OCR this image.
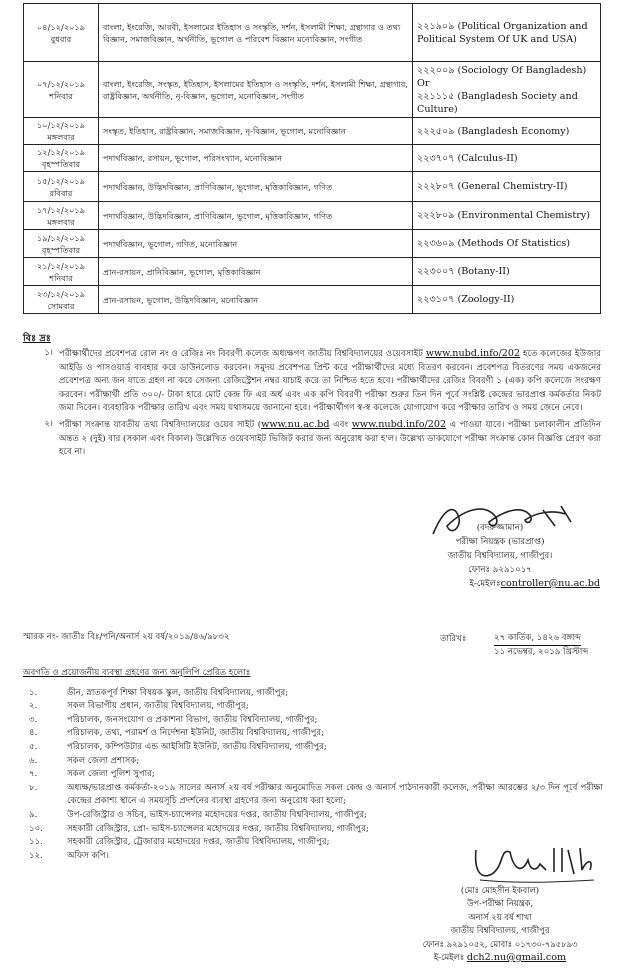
০৪/১২/২০১৯
বুধবার	বাংলা, ইংরেজি, আরবী, ইসলামের ইতিহাস ও সংস্কৃতি, দর্শন, ইসলামী শিক্ষা, গ্রন্থাগার ও তথ্য বিজ্ঞান, সমাজবিজ্ঞান, অর্থনীতি, ভূগোল ও পরিবেশ বিজ্ঞান মনোবিজ্ঞান, সংগীত	২২১৯০৯ (Political Organization and
Political System Of UK and USA)

০৭/১২/২০১৯
শনিবার	বাংলা, ইংরেজি, সংস্কৃত, ইতিহাস, ইসলামের ইতিহাস ও সংস্কৃতি, দর্শন, ইসলামী শিক্ষা, গ্রন্থাগার, রাষ্ট্রবিজ্ঞান, অর্থনীতি, নৃ-বিজ্ঞান, ভূগোল, মনোবিজ্ঞান, সংগীত	২২২০০৯ (Sociology Of Bangladesh)
Or
২২১১১৫ (Bangladesh Society and Culture)

১০/১২/২০১৯
মঙ্গলবার	সংস্কৃত, ইতিহাস, রাষ্ট্রবিজ্ঞান, সমাজবিজ্ঞান, নৃ-বিজ্ঞান, ভূগোল, মনোবিজ্ঞান	২২২৫০৯ (Bangladesh Economy)

১২/১২/২০১৯
বৃহস্পতিবার	পদার্থবিজ্ঞান, রসায়ন, ভূগোল, পরিসংখ্যান, মনোবিজ্ঞান	২২৩৭০৭ (Calculus-II)

১৫/১২/২০১৯
রবিবার	পদার্থবিজ্ঞান, উদ্ভিদবিজ্ঞান, প্রাণিবিজ্ঞান, ভূগোল, মৃত্তিকাবিজ্ঞান, গণিত	২২২৮০৭ (General Chemistry-II)

১৭/১২/২০১৯
মঙ্গলবার	পদার্থবিজ্ঞান, উদ্ভিদবিজ্ঞান, প্রাণিবিজ্ঞান, ভূগোল, মৃত্তিকাবিজ্ঞান, গণিত	২২২৮০৯ (Environmental Chemistry)

১৯/১২/২০১৯
বৃহস্পতিবার	পদার্থবিজ্ঞান, ভূগোল, গণিত, মনোবিজ্ঞান	২২৩৬০৯ (Methods Of Statistics)

২১/১২/২০১৯
শনিবার	প্রান-রসায়ন, প্রানিবিজ্ঞান, ভূগোল, মৃত্তিকাবিজ্ঞান	২২৩০০৭ (Botany-II)

২৩/১২/২০১৯
সোমবার	প্রান-রসায়ন, ভূগোল, উদ্ভিদবিজ্ঞান, মনোবিজ্ঞান	২২৩১০৭ (Zoology-II)
বিঃ দ্রঃ
১। পরীক্ষার্থীদের প্রবেশপত্র রোল নং ও রেজিঃ নং বিবরণী কলেজ অধ্যক্ষগণ জাতীয় বিশ্ববিদ্যালয়ের ওয়েবসাইট www.nubd.info/202 হতে কলেজের ইউজার আইডি ও পাসওয়ার্ড ব্যবহার করে ডাউনলোড করবেন। সমুদয় প্রবেশপত্র প্রিন্ট করে পরীক্ষার্থীদের মধ্যে বিতরণ করবেন। প্রবেশপত্র বিতরণের সময় একজনের প্রবেশপত্র অন্য জন যাতে গ্রহণ না করে সেজন্য রেজিস্ট্রেশন নম্বর যাচাই করে তা নিশ্চিত হতে হবে। পরীক্ষার্থীদের রেজিঃ বিবরণী ১ (এক) কপি কলেজে সংরক্ষণ করবেন। পরীক্ষার্থী প্রতি ৩০০/- টাকা হারে মোট কেন্দ্র ফি এর অর্ধ এবং এক কপি বিবরণী পরীক্ষা শুরুর তিন দিন পূর্বে সংশ্লিষ্ট কেন্দ্রের ভারপ্রাপ্ত কর্মকর্তার নিকট জমা দিবেন। ব্যবহারিক পরীক্ষার তারিখ এবং সময় যথাসময়ে জানানো হবে। পরীক্ষার্থীগণ স্ব-স্ব কলেজে যোগাযোগ করে পরীক্ষার তারিখ ও সময় জেনে নেবে।
২। পরীক্ষা সংক্রান্ত যাবতীয় তথ্য বিশ্ববিদ্যালয়ের ওয়েব সাইট (www.nu.ac.bd এবং www.nubd.info/202 এ পাওয়া যাবে। পরীক্ষা চলাকালীন প্রতিদিন অন্তত ২ (দুই) বার (সকাল এবং বিকাল) উল্লেখিত ওয়েবসাইট ভিজিট করার জন্য অনুরোধ করা হ'ল। উল্লেখ্য ডাকযোগে পরীক্ষা সংক্রান্ত কোন বিজ্ঞপ্তি প্রেরণ করা হবে না।
(বদরুজ্জামান)
পরীক্ষা নিয়ন্ত্রক (ভারপ্রাপ্ত)
জাতীয় বিশ্ববিদ্যালয়, গাজীপুর।
ফোনঃ ৯২৯১০১৭
ই-মেইলঃcontroller@nu.ac.bd
স্মারক নং- জাতীঃ বিঃ/পনি/অনার্স ২য় বর্ষ/২০১৯/৪৬/৯৮৩২	তারিখঃ	২৭ কার্তিক, ১৪২৬ বঙ্গাব্দ
১১ নভেম্বর, ২০১৯ খ্রিস্টাব্দ
অবগতি ও প্রয়োজনীয় ব্যবস্থা গ্রহণের জন্য অনুলিপি প্রেরিত হলোঃ
১.	ডীন, স্নাতকপূর্ব শিক্ষা বিষয়ক স্কুল, জাতীয় বিশ্ববিদ্যালয়, গাজীপুর;
২.	সকল বিভাগীয় প্রধান, জাতীয় বিশ্ববিদ্যালয়, গাজীপুর;
৩.	পরিচালক, জনসংযোগ ও প্রকাশনা বিভাগ, জাতীয় বিশ্ববিদ্যালয়, গাজীপুর;
৪.	পরিচালক, তথ্য, পরামর্শ ও নির্দেশনা ইউনিট, জাতীয় বিশ্ববিদ্যালয়, গাজীপুর;
৫.	পরিচালক, কম্পিউটার এন্ড আইসিটি ইউনিট, জাতীয় বিশ্ববিদ্যালয়, গাজীপুর;
৬.	সকল জেলা প্রশাসক;
৭.	সকল জেলা পুলিশ সুপার;
৮.	অধ্যক্ষ/ভারপ্রাপ্ত কর্মকর্তা-২০১৯ সালের অনার্স ২য় বর্ষ পরীক্ষার অনুমোদিত সকল কেন্দ্র ও অনার্স পাঠদানকারী কলেজ, পরীক্ষা আরম্ভের ২/৩ দিন পূর্বে পরীক্ষা কেন্দ্রের প্রকাশ্য স্থানে এ সময়সূচি প্রদর্শনের ব্যবস্থা গ্রহণের জন্য অনুরোধ করা হলো;
৯.	উপ-রেজিস্ট্রার ও সচিব, ভাইস-চ্যান্সেলর মহোদয়ের দপ্তর, জাতীয় বিশ্ববিদ্যালয়, গাজীপুর;
১০.	সহকারী রেজিস্ট্রার, প্রো- ভাইস-চ্যান্সেলর মহোদয়ের দপ্তর, জাতীয় বিশ্ববিদ্যালয়, গাজীপুর;
১১.	সহকারী রেজিস্ট্রার, ট্রেজারার মহোদয়ের দপ্তর, জাতীয় বিশ্ববিদ্যালয়, গাজীপুর;
১২.	অফিস কপি।
(মোঃ মোহসীন ইকবাল)
উপ-পরীক্ষা নিয়ন্ত্রক,
অনার্স ২য় বর্ষ শাখা
জাতীয় বিশ্ববিদ্যালয়, গাজীপুর
ফোনঃ ৯২৯১০৫২, মোবাঃ ০১৭৩০-৭৯৫৮৯৩
ই-মেইলঃ dch2.nu@gmail.com
